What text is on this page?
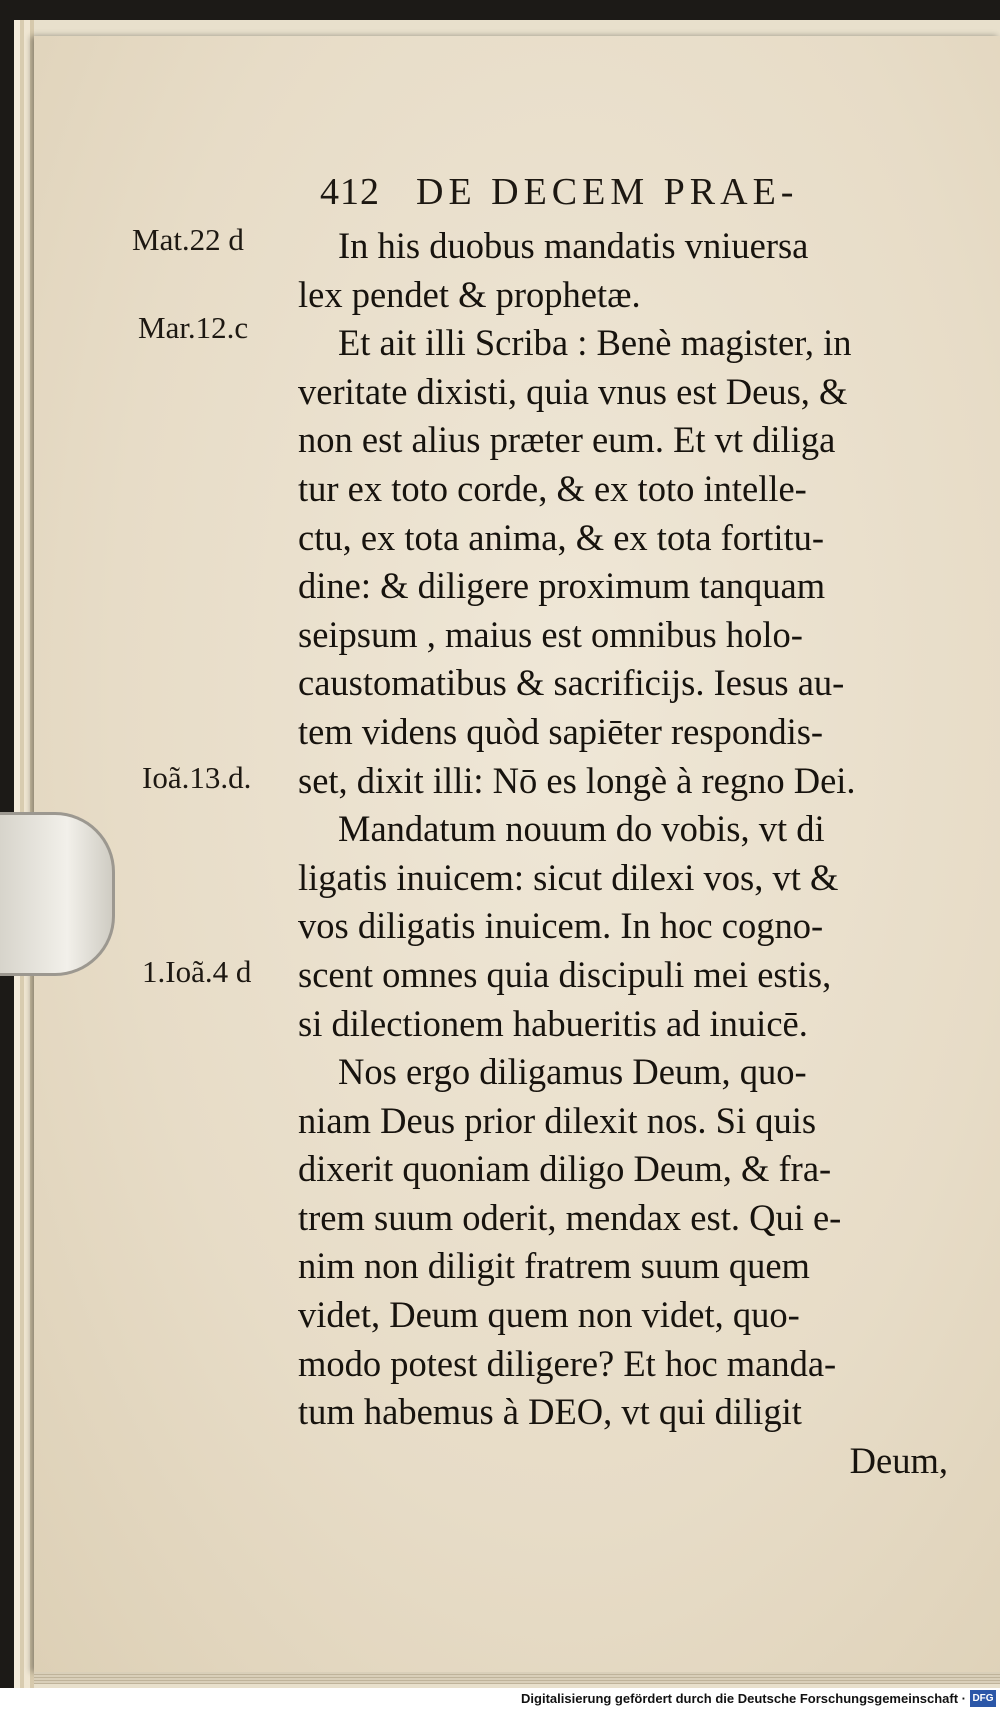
412 DE DECEM PRAE-
Mat.22 d
Mar.12.c
Ioã.13.d.
1.Ioã.4 d
In his duobus mandatis vniuersa
lex pendet & prophetæ.
Et ait illi Scriba : Benè magister, in
veritate dixisti, quia vnus est Deus, &
non est alius præter eum. Et vt diliga
tur ex toto corde, & ex toto intelle-
ctu, ex tota anima, & ex tota fortitu-
dine: & diligere proximum tanquam
seipsum , maius est omnibus holo-
caustomatibus & sacrificijs. Iesus au-
tem videns quòd sapiēter respondis-
set, dixit illi: Nō es longè à regno Dei.
Mandatum nouum do vobis, vt di
ligatis inuicem: sicut dilexi vos, vt &
vos diligatis inuicem. In hoc cogno-
scent omnes quia discipuli mei estis,
si dilectionem habueritis ad inuicē.
Nos ergo diligamus Deum, quo-
niam Deus prior dilexit nos. Si quis
dixerit quoniam diligo Deum, & fra-
trem suum oderit, mendax est. Qui e-
nim non diligit fratrem suum quem
videt, Deum quem non videt, quo-
modo potest diligere? Et hoc manda-
tum habemus à DEO, vt qui diligit
Deum,
Digitalisierung gefördert durch die Deutsche Forschungsgemeinschaft · DFG
